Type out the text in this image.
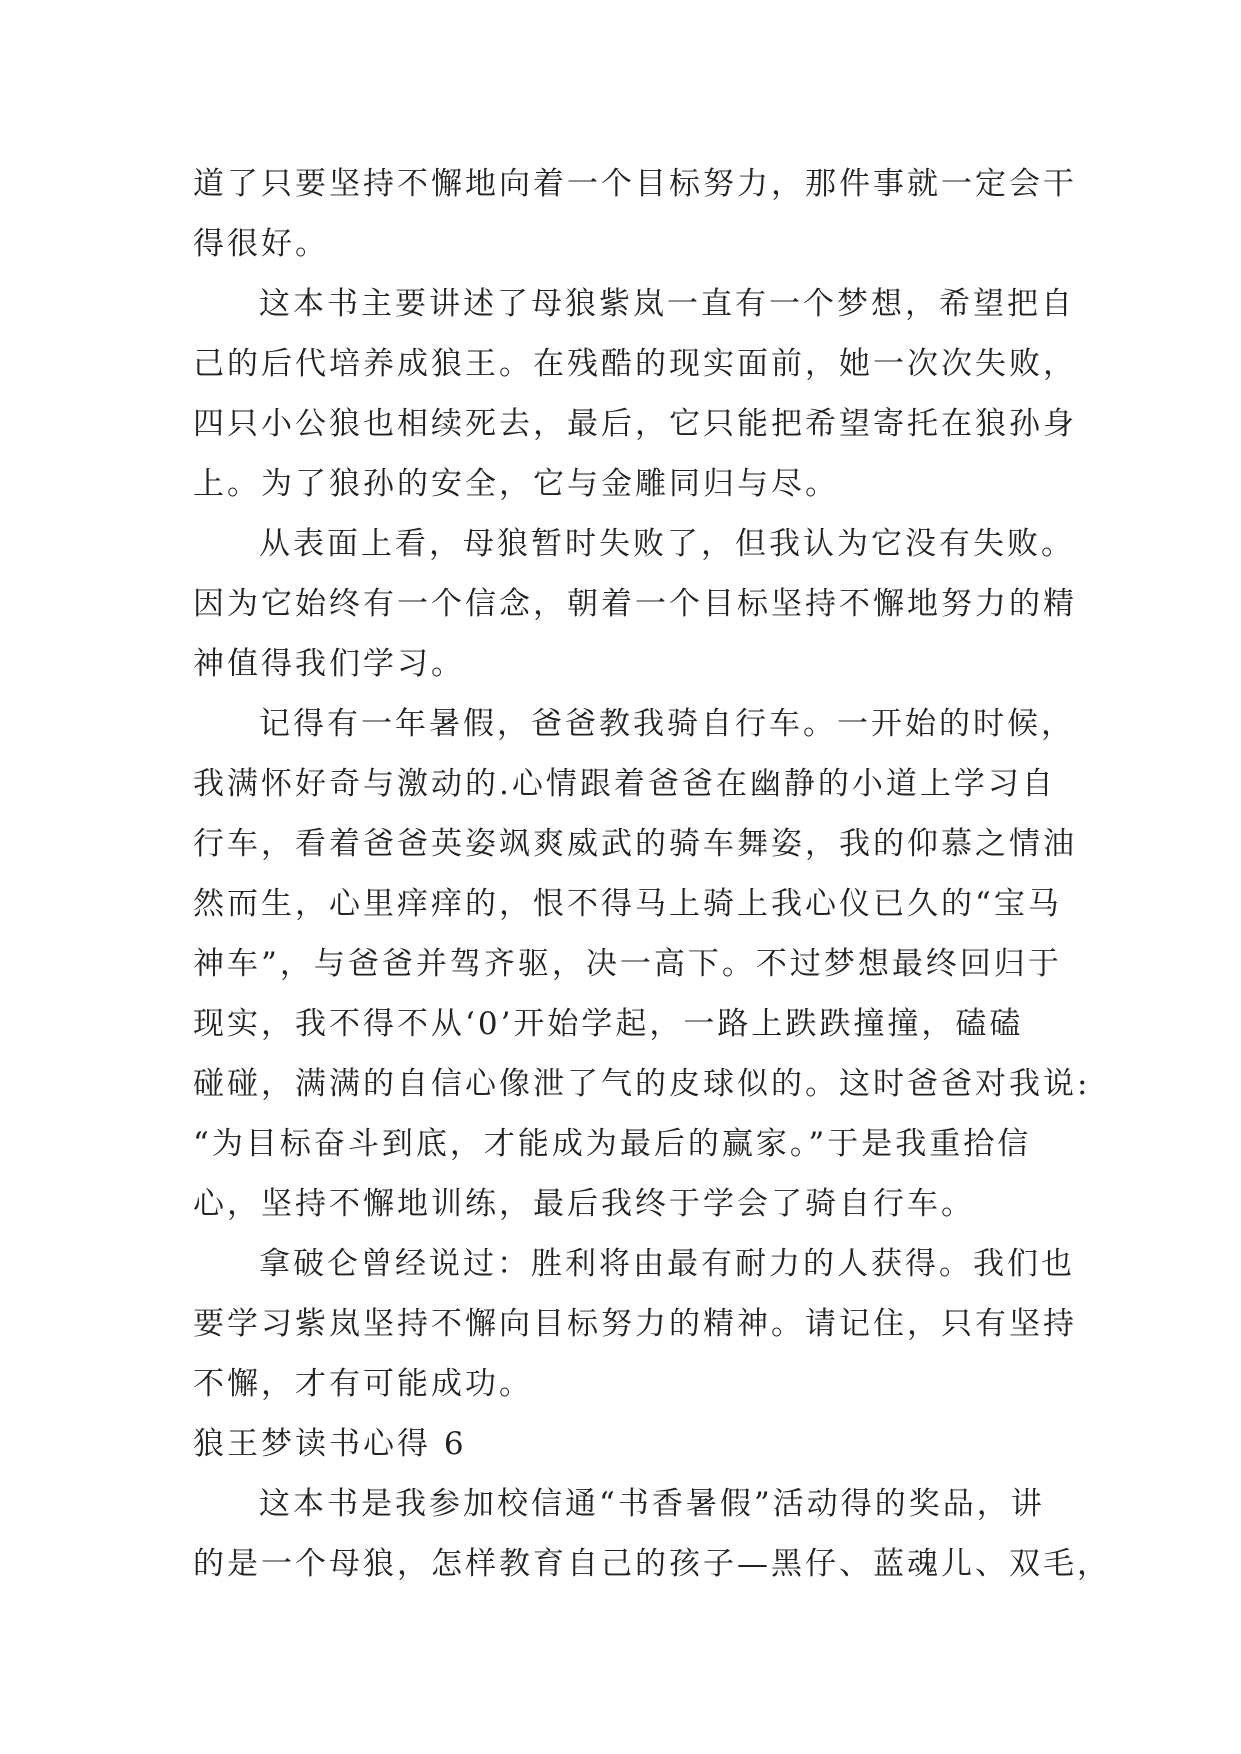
道了只要坚持不懈地向着一个目标努力，那件事就一定会干
得很好。
这本书主要讲述了母狼紫岚一直有一个梦想，希望把自
己的后代培养成狼王。在残酷的现实面前，她一次次失败，
四只小公狼也相续死去，最后，它只能把希望寄托在狼孙身
上。为了狼孙的安全，它与金雕同归与尽。
从表面上看，母狼暂时失败了，但我认为它没有失败。
因为它始终有一个信念，朝着一个目标坚持不懈地努力的精
神值得我们学习。
记得有一年暑假，爸爸教我骑自行车。一开始的时候，
我满怀好奇与激动的.心情跟着爸爸在幽静的小道上学习自
行车，看着爸爸英姿飒爽威武的骑车舞姿，我的仰慕之情油
然而生，心里痒痒的，恨不得马上骑上我心仪已久的“宝马
神车”，与爸爸并驾齐驱，决一高下。不过梦想最终回归于
现实，我不得不从‘0’开始学起，一路上跌跌撞撞，磕磕
碰碰，满满的自信心像泄了气的皮球似的。这时爸爸对我说:
“为目标奋斗到底，才能成为最后的赢家。”于是我重拾信
心，坚持不懈地训练，最后我终于学会了骑自行车。
拿破仑曾经说过：胜利将由最有耐力的人获得。我们也
要学习紫岚坚持不懈向目标努力的精神。请记住，只有坚持
不懈，才有可能成功。
狼王梦读书心得 6
这本书是我参加校信通“书香暑假”活动得的奖品，讲
的是一个母狼，怎样教育自己的孩子—黑仔、蓝魂儿、双毛，
